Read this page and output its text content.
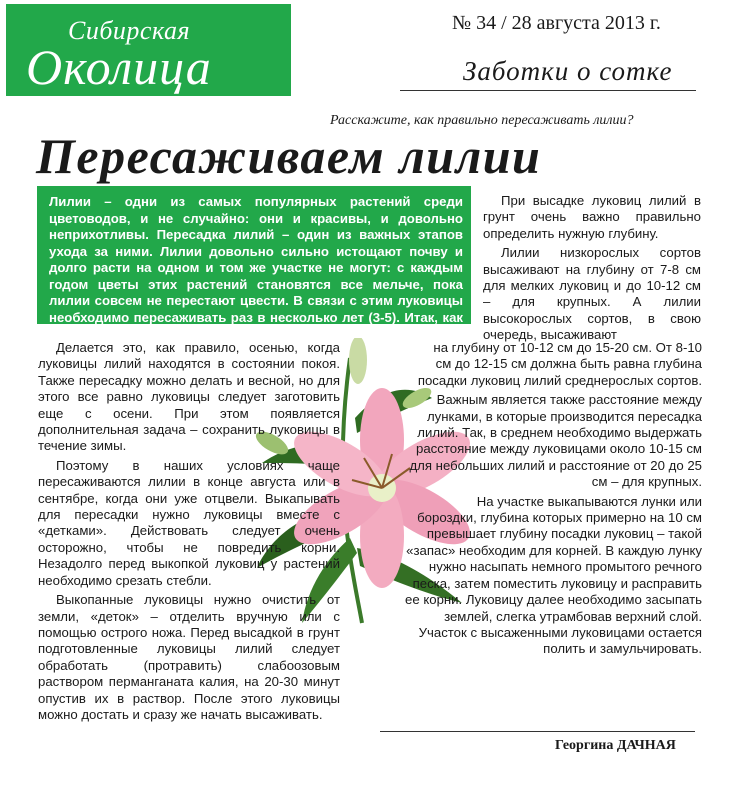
Сибирская
Околица
№ 34 / 28 августа 2013 г.
Заботки о сотке
Расскажите, как правильно пересаживать лилии?
Пересаживаем лилии

Лилии – одни из самых популярных растений среди цветоводов, и не случайно: они и красивы, и довольно неприхотливы. Пересадка лилий – один из важных этапов ухода за ними. Лилии довольно сильно истощают почву и долго расти на одном и том же участке не могут: с каждым годом цветы этих растений становятся все мельче, пока лилии совсем не перестают цвести. В связи с этим луковицы необходимо пересаживать раз в несколько лет (3-5). Итак, как лучше пересаживать лилии?

При высадке луковиц лилий в грунт очень важно правильно определить нужную глубину.

Лилии низкорослых сортов высаживают на глубину от 7-8 см для мелких луковиц и до 10-12 см – для крупных. А лилии высокорослых сортов, в свою очередь, высаживают

Делается это, как правило, осенью, когда луковицы лилий находятся в состоянии покоя. Также пересадку можно делать и весной, но для этого все равно луковицы следует заготовить еще с осени. При этом появляется дополнительная задача – сохранить луковицы в течение зимы.

Поэтому в наших условиях чаще пересаживаются лилии в конце августа или в сентябре, когда они уже отцвели. Выкапывать для пересадки нужно луковицы вместе с «детками». Действовать следует очень осторожно, чтобы не повредить корни. Незадолго перед выкопкой луковиц у растений необходимо срезать стебли.

Выкопанные луковицы нужно очистить от земли, «деток» – отделить вручную или с помощью острого ножа. Перед высадкой в грунт подготовленные луковицы лилий следует обработать (протравить) слабоозовым раствором перманганата калия, на 20-30 минут опустив их в раствор. После этого луковицы можно достать и сразу же начать высаживать.

на глубину от 10-12 см до 15-20 см. От 8-10 см до 12-15 см должна быть равна глубина посадки луковиц лилий среднерослых сортов.

Важным является также расстояние между лунками, в которые производится пересадка лилий. Так, в среднем необходимо выдержать расстояние между луковицами около 10-15 см для небольших лилий и расстояние от 20 до 25 см – для крупных.

На участке выкапываются лунки или бороздки, глубина которых примерно на 10 см превышает глубину посадки луковиц – такой «запас» необходим для корней. В каждую лунку нужно насыпать немного промытого речного песка, затем поместить луковицу и расправить ее корни. Луковицу далее необходимо засыпать землей, слегка утрамбовав верхний слой. Участок с высаженными луковицами остается полить и замульчировать.

Георгина ДАЧНАЯ
